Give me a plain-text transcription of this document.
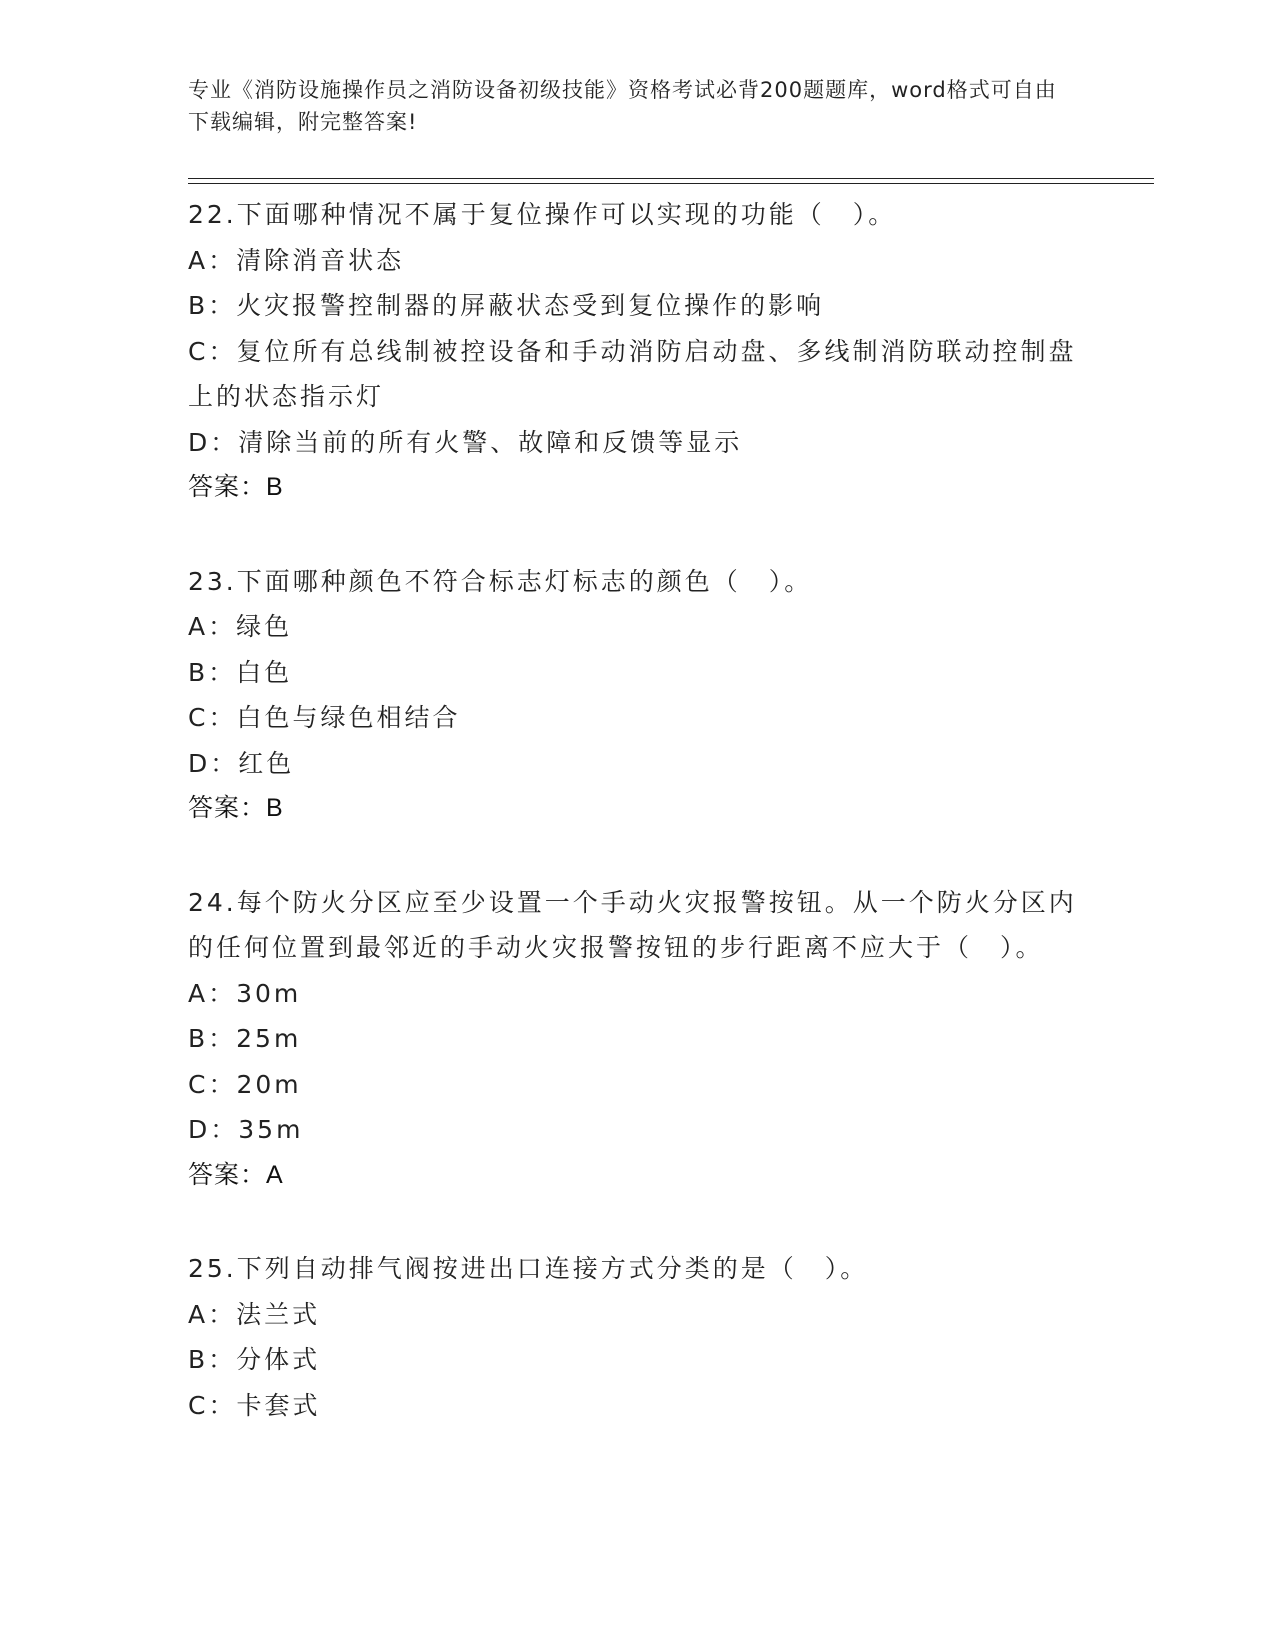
专业《消防设施操作员之消防设备初级技能》资格考试必背200题题库，word格式可自由下载编辑，附完整答案!
22.下面哪种情况不属于复位操作可以实现的功能（　）。
A：清除消音状态
B：火灾报警控制器的屏蔽状态受到复位操作的影响
C：复位所有总线制被控设备和手动消防启动盘、多线制消防联动控制盘上的状态指示灯
D：清除当前的所有火警、故障和反馈等显示
答案：B
23.下面哪种颜色不符合标志灯标志的颜色（　）。
A：绿色
B：白色
C：白色与绿色相结合
D：红色
答案：B
24.每个防火分区应至少设置一个手动火灾报警按钮。从一个防火分区内的任何位置到最邻近的手动火灾报警按钮的步行距离不应大于（　）。
A：30m
B：25m
C：20m
D：35m
答案：A
25.下列自动排气阀按进出口连接方式分类的是（　）。
A：法兰式
B：分体式
C：卡套式
